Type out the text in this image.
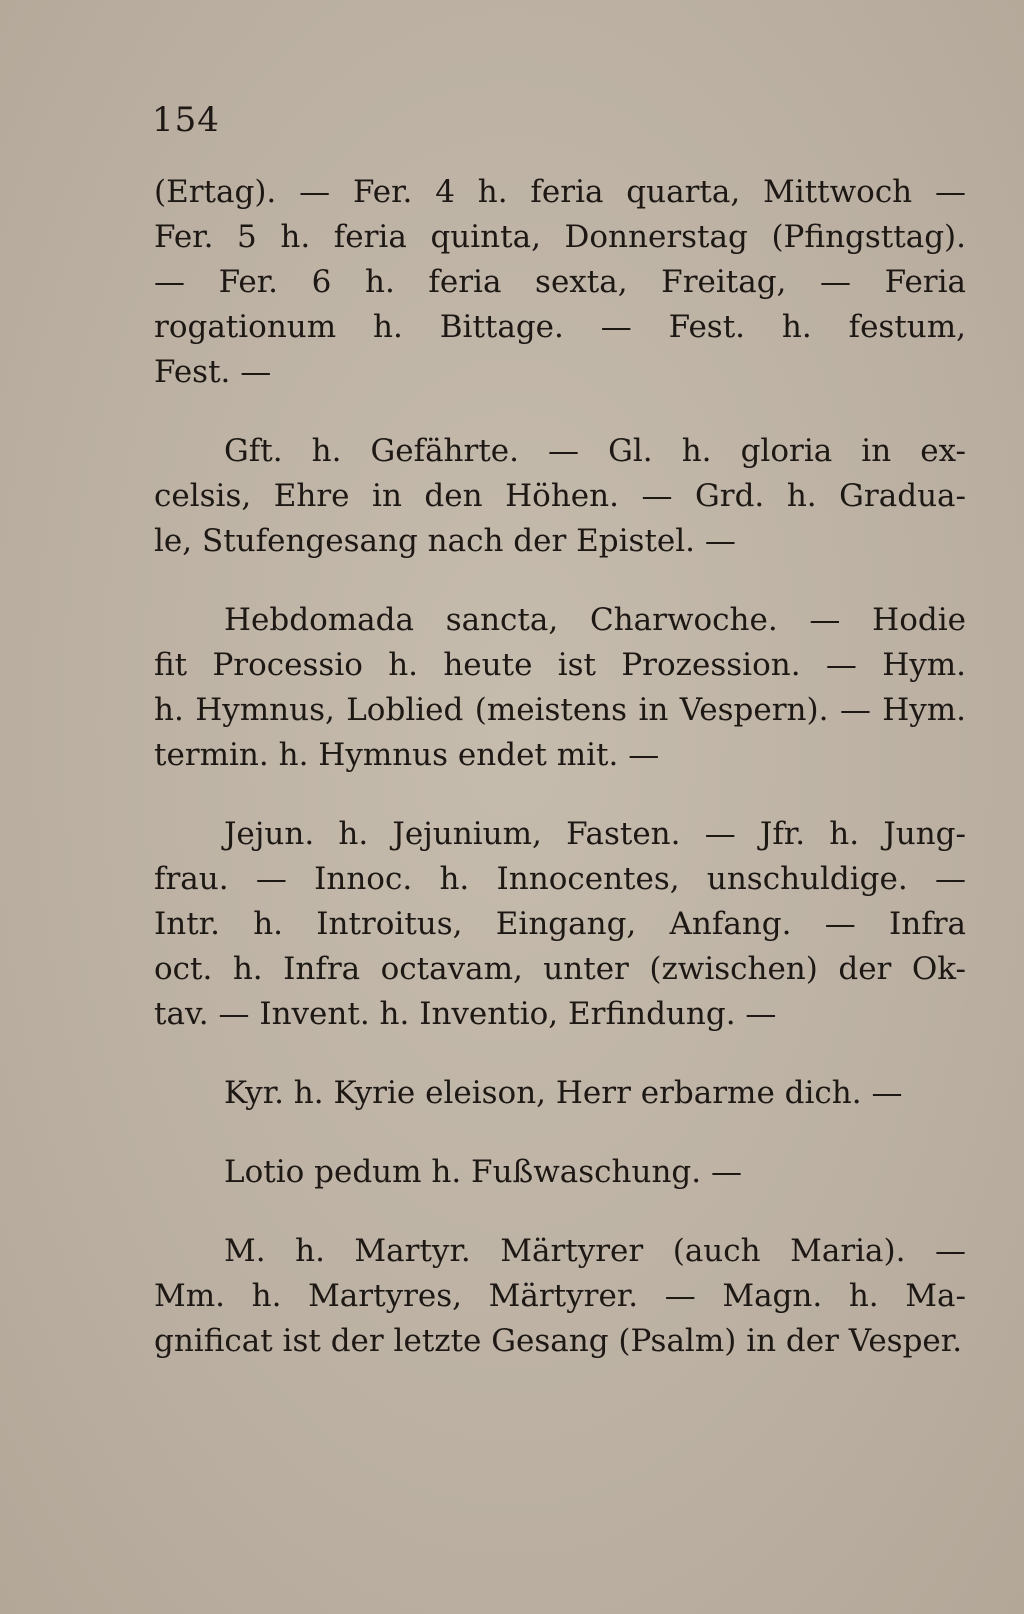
154

(Ertag). — Fer. 4 h. feria quarta, Mittwoch —
Fer. 5 h. feria quinta, Donnerstag (Pfingsttag).
— Fer. 6 h. feria sexta, Freitag, — Feria
rogationum h. Bittage. — Fest. h. festum,
Fest. —

Gft. h. Gefährte. — Gl. h. gloria in ex-
celsis, Ehre in den Höhen. — Grd. h. Gradua-
le, Stufengesang nach der Epistel. —

Hebdomada sancta, Charwoche. — Hodie
fit Processio h. heute ist Prozession. — Hym.
h. Hymnus, Loblied (meistens in Vespern). — Hym.
termin. h. Hymnus endet mit. —

Jejun. h. Jejunium, Fasten. — Jfr. h. Jung-
frau. — Innoc. h. Innocentes, unschuldige. —
Intr. h. Introitus, Eingang, Anfang. — Infra
oct. h. Infra octavam, unter (zwischen) der Ok-
tav. — Invent. h. Inventio, Erfindung. —

Kyr. h. Kyrie eleison, Herr erbarme dich. —

Lotio pedum h. Fußwaschung. —

M. h. Martyr. Märtyrer (auch Maria). —
Mm. h. Martyres, Märtyrer. — Magn. h. Ma-
gnificat ist der letzte Gesang (Psalm) in der Vesper.
